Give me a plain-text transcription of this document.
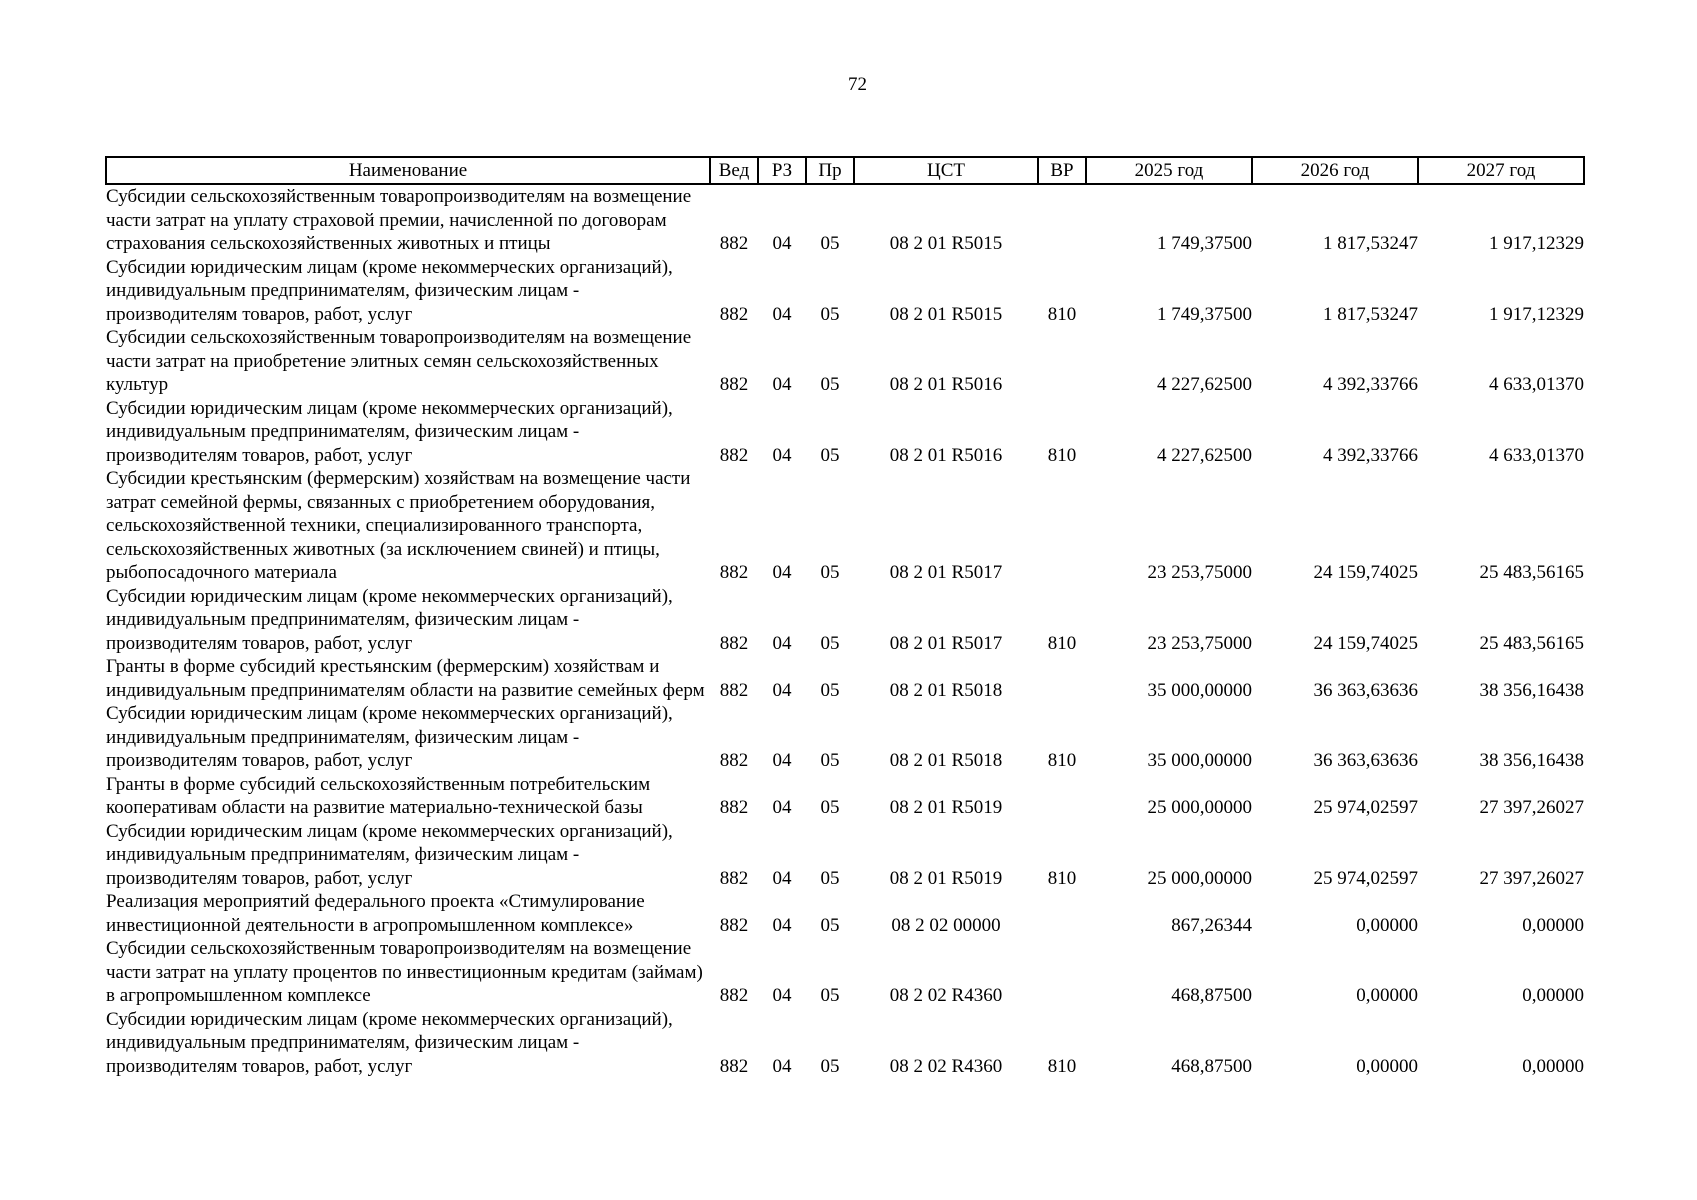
72
Наименование	Вед	РЗ	Пр	ЦСТ	ВР	2025 год	2026 год	2027 год
Субсидии сельскохозяйственным товаропроизводителям на возмещение части затрат на уплату страховой премии, начисленной по договорам страхования сельскохозяйственных животных и птицы	882	04	05	08 2 01 R5015		1 749,37500	1 817,53247	1 917,12329
Субсидии юридическим лицам (кроме некоммерческих организаций), индивидуальным предпринимателям, физическим лицам - производителям товаров, работ, услуг	882	04	05	08 2 01 R5015	810	1 749,37500	1 817,53247	1 917,12329
Субсидии сельскохозяйственным товаропроизводителям на возмещение части затрат на приобретение элитных семян сельскохозяйственных культур	882	04	05	08 2 01 R5016		4 227,62500	4 392,33766	4 633,01370
Субсидии юридическим лицам (кроме некоммерческих организаций), индивидуальным предпринимателям, физическим лицам - производителям товаров, работ, услуг	882	04	05	08 2 01 R5016	810	4 227,62500	4 392,33766	4 633,01370
Субсидии крестьянским (фермерским) хозяйствам на возмещение части затрат семейной фермы, связанных с приобретением оборудования, сельскохозяйственной техники, специализированного транспорта, сельскохозяйственных животных (за исключением свиней) и птицы, рыбопосадочного материала	882	04	05	08 2 01 R5017		23 253,75000	24 159,74025	25 483,56165
Субсидии юридическим лицам (кроме некоммерческих организаций), индивидуальным предпринимателям, физическим лицам - производителям товаров, работ, услуг	882	04	05	08 2 01 R5017	810	23 253,75000	24 159,74025	25 483,56165
Гранты в форме субсидий крестьянским (фермерским) хозяйствам и индивидуальным предпринимателям области на развитие семейных ферм	882	04	05	08 2 01 R5018		35 000,00000	36 363,63636	38 356,16438
Субсидии юридическим лицам (кроме некоммерческих организаций), индивидуальным предпринимателям, физическим лицам - производителям товаров, работ, услуг	882	04	05	08 2 01 R5018	810	35 000,00000	36 363,63636	38 356,16438
Гранты в форме субсидий сельскохозяйственным потребительским кооперативам области на развитие материально-технической базы	882	04	05	08 2 01 R5019		25 000,00000	25 974,02597	27 397,26027
Субсидии юридическим лицам (кроме некоммерческих организаций), индивидуальным предпринимателям, физическим лицам - производителям товаров, работ, услуг	882	04	05	08 2 01 R5019	810	25 000,00000	25 974,02597	27 397,26027
Реализация мероприятий федерального проекта «Стимулирование инвестиционной деятельности в агропромышленном комплексе»	882	04	05	08 2 02 00000		867,26344	0,00000	0,00000
Субсидии сельскохозяйственным товаропроизводителям на возмещение части затрат на уплату процентов по инвестиционным кредитам (займам) в агропромышленном комплексе	882	04	05	08 2 02 R4360		468,87500	0,00000	0,00000
Субсидии юридическим лицам (кроме некоммерческих организаций), индивидуальным предпринимателям, физическим лицам - производителям товаров, работ, услуг	882	04	05	08 2 02 R4360	810	468,87500	0,00000	0,00000
